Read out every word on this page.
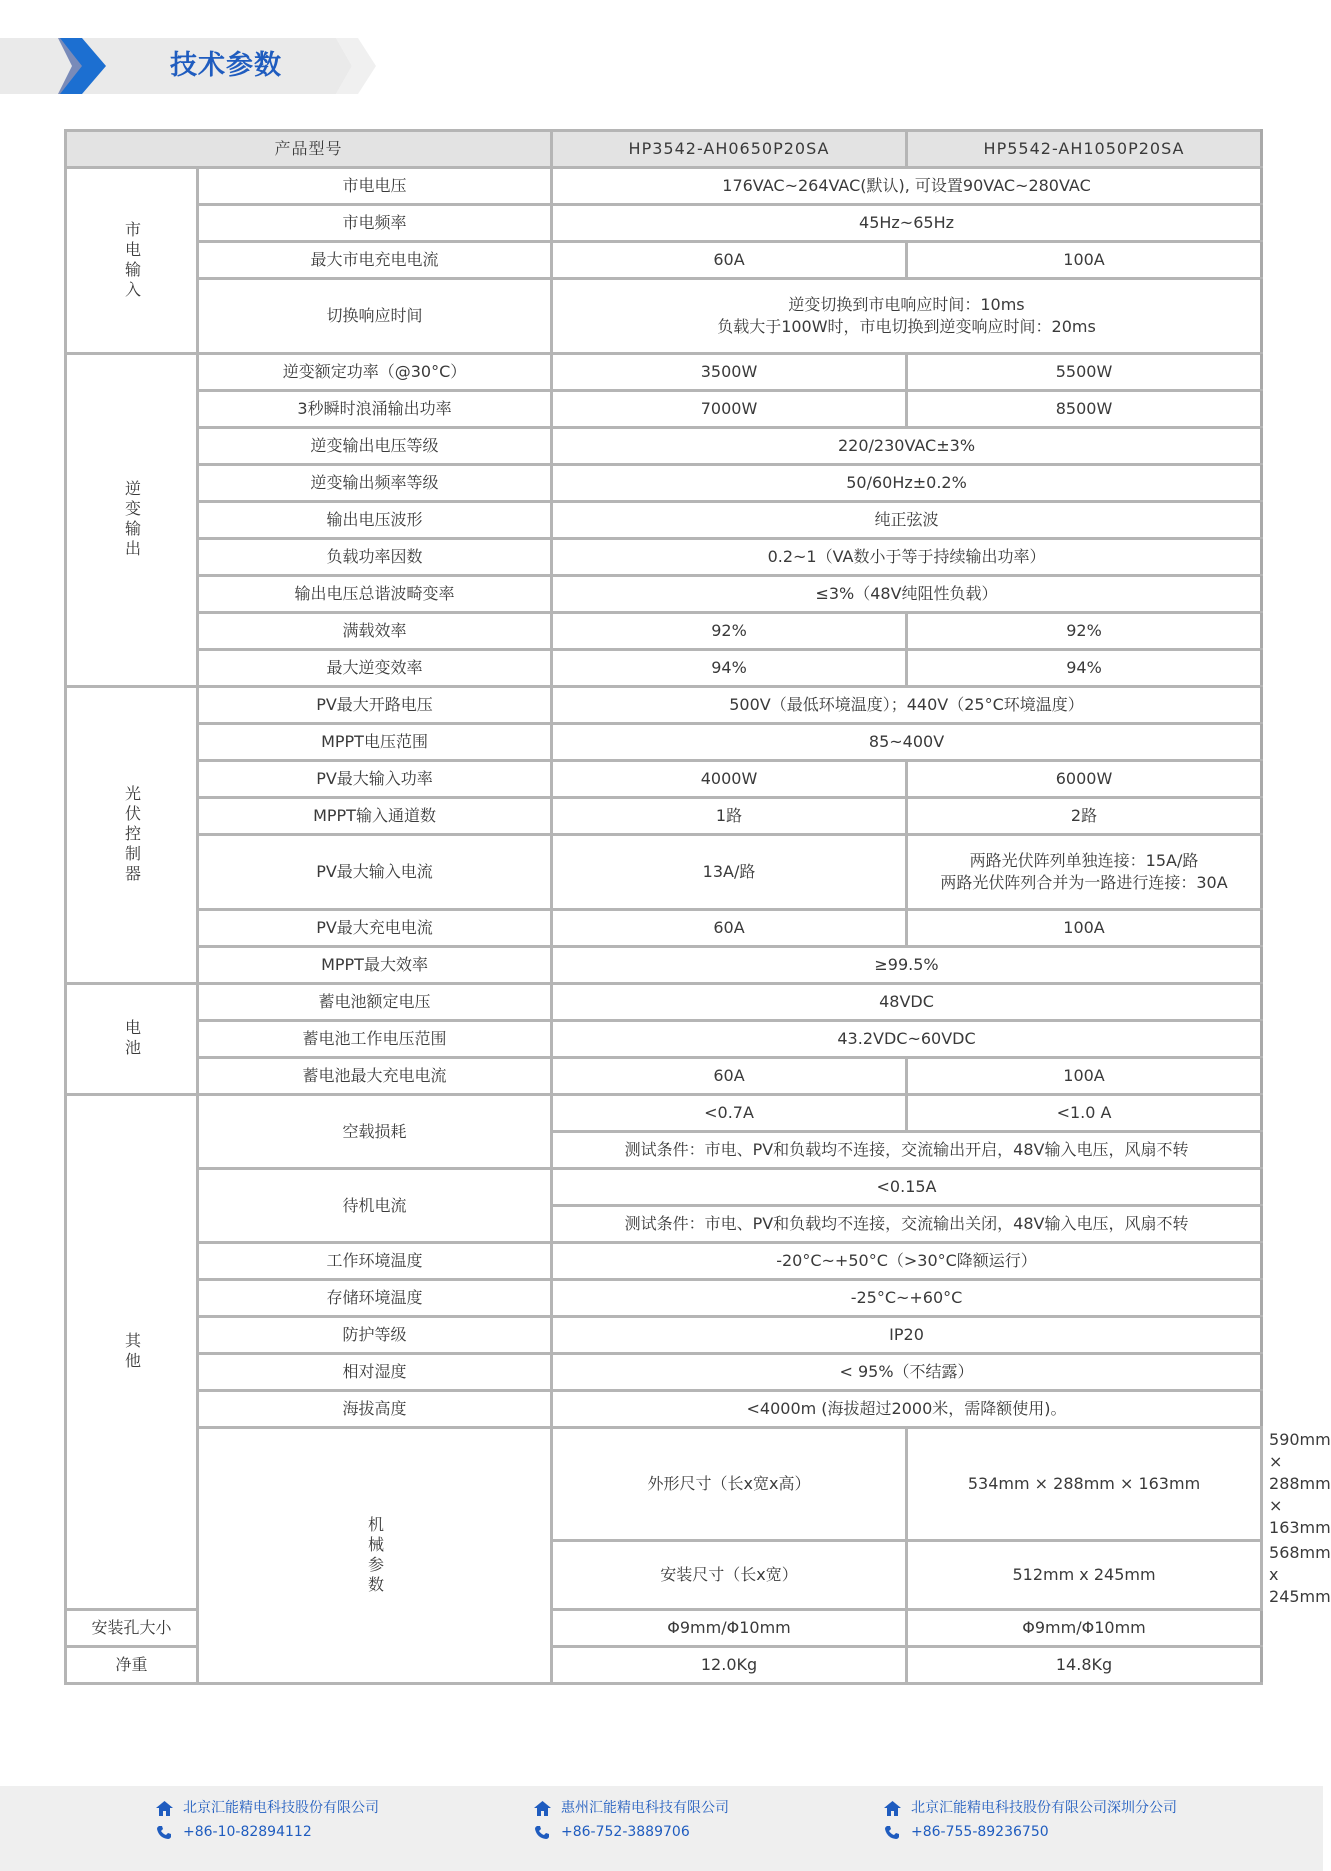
技术参数
产品型号		HP3542-AH0650P20SA	HP5542-AH1050P20SA	
市电输入	市电电压	176VAC~264VAC(默认), 可设置90VAC~280VAC		
	市电频率	45Hz~65Hz		
	最大市电充电电流	60A	100A	
	切换响应时间	逆变切换到市电响应时间：10ms
负载大于100W时，市电切换到逆变响应时间：20ms		

逆变输出	逆变额定功率（@30°C）	3500W	5500W	
	3秒瞬时浪涌输出功率	7000W	8500W	
	逆变输出电压等级	220/230VAC±3%		
	逆变输出频率等级	50/60Hz±0.2%		
	输出电压波形	纯正弦波		
	负载功率因数	0.2~1（VA数小于等于持续输出功率）		
	输出电压总谐波畸变率	≤3%（48V纯阻性负载）		
	满载效率	92%	92%	
	最大逆变效率	94%	94%	
光伏控制器	PV最大开路电压	500V（最低环境温度）；440V（25°C环境温度）		
	MPPT电压范围	85~400V		
	PV最大输入功率	4000W	6000W	
	MPPT输入通道数	1路	2路	
	PV最大输入电流	13A/路	两路光伏阵列单独连接：15A/路
两路光伏阵列合并为一路进行连接：30A	

	PV最大充电电流	60A	100A	
	MPPT最大效率	≥99.5%		
电池	蓄电池额定电压	48VDC		
	蓄电池工作电压范围	43.2VDC~60VDC		
	蓄电池最大充电电流	60A	100A	
其他	空载损耗	<0.7A	<1.0 A	
		测试条件：市电、PV和负载均不连接，交流输出开启，48V输入电压，风扇不转		
	待机电流	<0.15A		
		测试条件：市电、PV和负载均不连接，交流输出关闭，48V输入电压，风扇不转		
	工作环境温度	-20°C~+50°C（>30°C降额运行）		
	存储环境温度	-25°C~+60°C		
	防护等级	IP20		
	相对湿度	< 95%（不结露）		
	海拔高度	<4000m (海拔超过2000米，需降额使用)。		
	机械参数	外形尺寸（长x宽x高）	534mm × 288mm × 163mm	590mm × 288mm × 163mm
		安装尺寸（长x宽）	512mm x 245mm	568mm x 245mm
安装孔大小		Φ9mm/Φ10mm	Φ9mm/Φ10mm	
净重		12.0Kg	14.8Kg	
北京汇能精电科技股份有限公司
+86-10-82894112
惠州汇能精电科技有限公司
+86-752-3889706
北京汇能精电科技股份有限公司深圳分公司
+86-755-89236750
